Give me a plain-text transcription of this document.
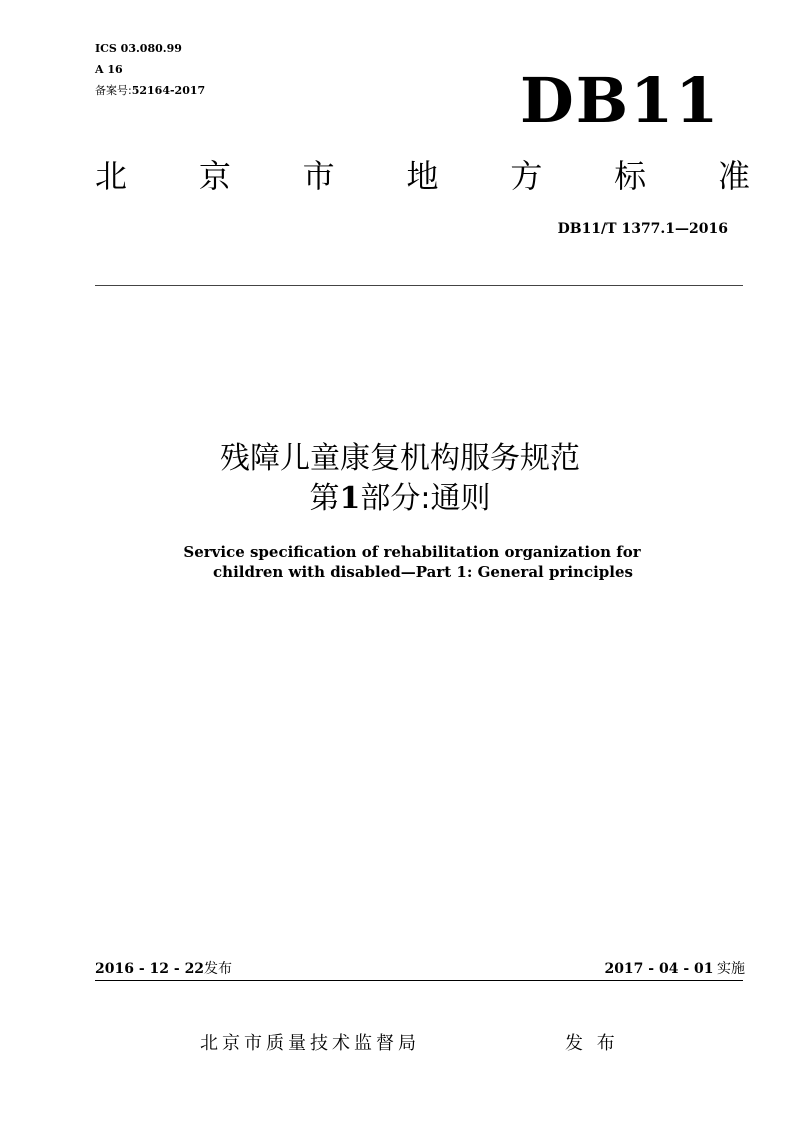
ICS 03.080.99
A 16
备案号:52164-2017	DB11
北 京 市 地 方 标 准
DB11/T 1377.1—2016
残障儿童康复机构服务规范
第1部分:通则
Service specification of rehabilitation organization for
children with disabled—Part 1: General principles
2016 - 12 - 22发布	2017 - 04 - 01 实施
北京市质量技术监督局	发 布
